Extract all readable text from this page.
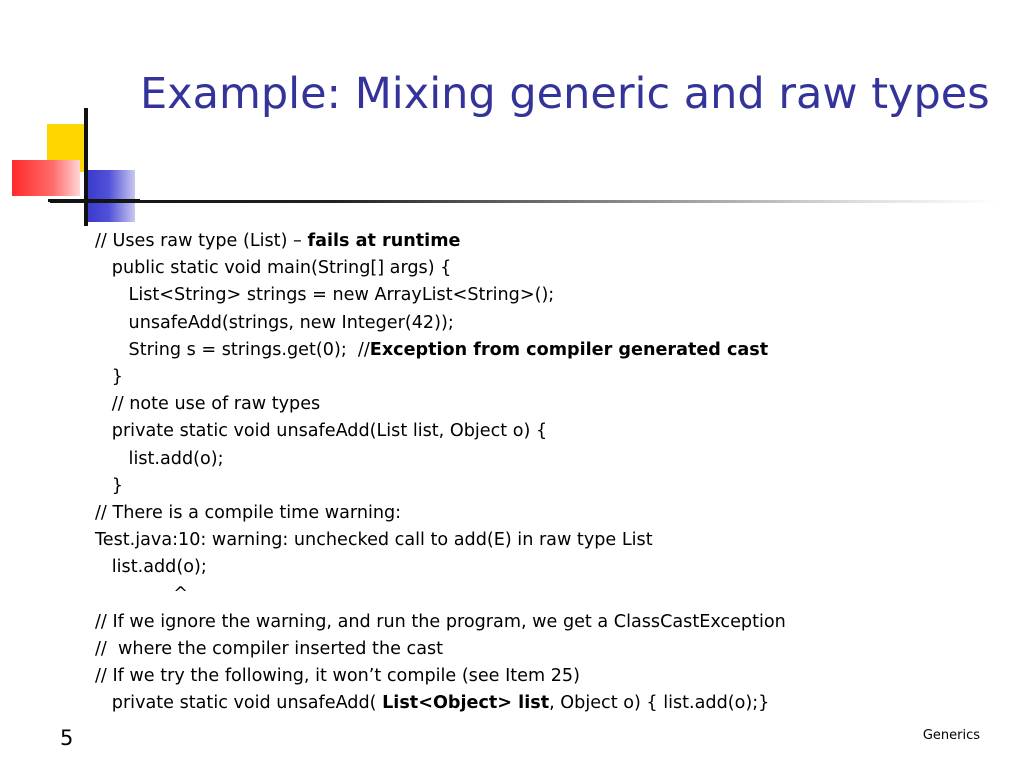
Example: Mixing generic and raw types
// Uses raw type (List) – fails at runtime
public static void main(String[] args) {
List<String> strings = new ArrayList<String>();
unsafeAdd(strings, new Integer(42));
String s = strings.get(0);  //Exception from compiler generated cast
}
// note use of raw types
private static void unsafeAdd(List list, Object o) {
list.add(o);
}
// There is a compile time warning:
Test.java:10: warning: unchecked call to add(E) in raw type List
list.add(o);
^
// If we ignore the warning, and run the program, we get a ClassCastException
//  where the compiler inserted the cast
// If we try the following, it won’t compile (see Item 25)
private static void unsafeAdd( List<Object> list, Object o) { list.add(o);}
5	Generics
